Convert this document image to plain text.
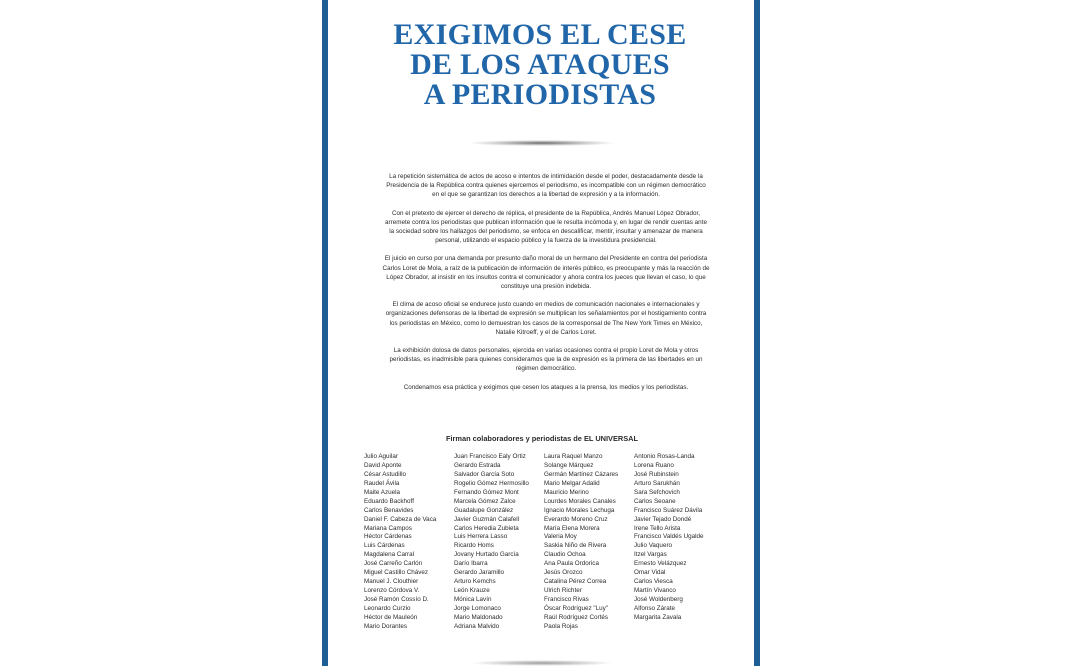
EXIGIMOS EL CESE
DE LOS ATAQUES
A PERIODISTAS

La repetición sistemática de actos de acoso e intentos de intimidación desde el poder, destacadamente desde la Presidencia de la República contra quienes ejercemos el periodismo, es incompatible con un régimen democrático en el que se garantizan los derechos a la libertad de expresión y a la información.

Con el pretexto de ejercer el derecho de réplica, el presidente de la República, Andrés Manuel López Obrador, arremete contra los periodistas que publican información que le resulta incómoda y, en lugar de rendir cuentas ante la sociedad sobre los hallazgos del periodismo, se enfoca en descalificar, mentir, insultar y amenazar de manera personal, utilizando el espacio público y la fuerza de la investidura presidencial.

El juicio en curso por una demanda por presunto daño moral de un hermano del Presidente en contra del periodista Carlos Loret de Mola, a raíz de la publicación de información de interés público, es preocupante y más la reacción de López Obrador, al insistir en los insultos contra el comunicador y ahora contra los jueces que llevan el caso, lo que constituye una presión indebida.

El clima de acoso oficial se endurece justo cuando en medios de comunicación nacionales e internacionales y organizaciones defensoras de la libertad de expresión se multiplican los señalamientos por el hostigamiento contra los periodistas en México, como lo demuestran los casos de la corresponsal de The New York Times en México, Natalie Kitroeff, y el de Carlos Loret.

La exhibición dolosa de datos personales, ejercida en varias ocasiones contra el propio Loret de Mola y otros periodistas, es inadmisible para quienes consideramos que la de expresión es la primera de las libertades en un régimen democrático.

Condenamos esa práctica y exigimos que cesen los ataques a la prensa, los medios y los periodistas.

Firman colaboradores y periodistas de EL UNIVERSAL
Julio Aguilar
David Aponte
César Astudillo
Raudel Ávila
Maite Azuela
Eduardo Backhoff
Carlos Benavides
Daniel F. Cabeza de Vaca
Mariana Campos
Héctor Cárdenas
Luis Cárdenas
Magdalena Carral
José Carreño Carlón
Miguel Castillo Chávez
Manuel J. Clouthier
Lorenzo Córdova V.
José Ramón Cossío D.
Leonardo Curzio
Héctor de Mauleón
Mario Dorantes
Juan Francisco Ealy Ortiz
Gerardo Estrada
Salvador García Soto
Rogelio Gómez Hermosillo
Fernando Gómez Mont
Marcela Gómez Zalce
Guadalupe González
Javier Guzmán Calafell
Carlos Heredia Zubieta
Luis Herrera Lasso
Ricardo Homs
Jovany Hurtado García
Darío Ibarra
Gerardo Jaramillo
Arturo Kemchs
León Krauze
Mónica Lavín
Jorge Lomonaco
Mario Maldonado
Adriana Malvido
Laura Raquel Manzo
Solange Márquez
Germán Martínez Cázares
Mario Melgar Adalid
Mauricio Merino
Lourdes Morales Canales
Ignacio Morales Lechuga
Everardo Moreno Cruz
María Elena Morera
Valeria Moy
Saskia Niño de Rivera
Claudio Ochoa
Ana Paula Ordorica
Jesús Orozco
Catalina Pérez Correa
Ulrich Richter
Francisco Rivas
Óscar Rodríguez "Luy"
Raúl Rodríguez Cortés
Paola Rojas
Antonio Rosas-Landa
Lorena Ruano
José Rubinstein
Arturo Sarukhán
Sara Sefchovich
Carlos Seoane
Francisco Suárez Dávila
Javier Tejado Dondé
Irene Tello Arista
Francisco Valdés Ugalde
Julio Vaquero
Itzel Vargas
Ernesto Velázquez
Omar Vidal
Carlos Viesca
Martín Vivanco
José Woldenberg
Alfonso Zárate
Margarita Zavala
